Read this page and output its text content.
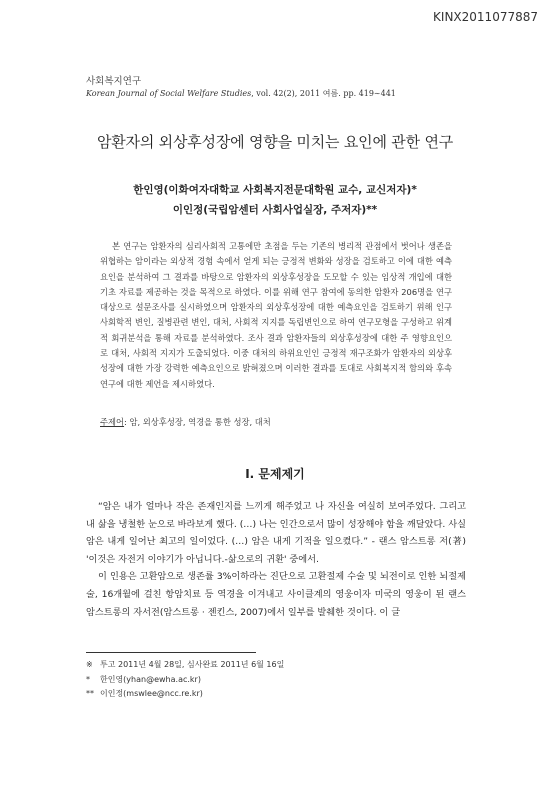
KINX2011077887
사회복지연구
Korean Journal of Social Welfare Studies, vol. 42(2), 2011 여름. pp. 419∼441
암환자의 외상후성장에 영향을 미치는 요인에 관한 연구
한인영(이화여자대학교 사회복지전문대학원 교수, 교신저자)*
이인정(국립암센터 사회사업실장, 주저자)**

본 연구는 암환자의 심리사회적 고통에만 초점을 두는 기존의 병리적 관점에서 벗어나 생존을 위협하는 암이라는 외상적 경험 속에서 얻게 되는 긍정적 변화와 성장을 검토하고 이에 대한 예측 요인을 분석하여 그 결과를 바탕으로 암환자의 외상후성장을 도모할 수 있는 임상적 개입에 대한 기초 자료를 제공하는 것을 목적으로 하였다. 이를 위해 연구 참여에 동의한 암환자 206명을 연구대상으로 설문조사를 실시하였으며 암환자의 외상후성장에 대한 예측요인을 검토하기 위해 인구사회학적 변인, 질병관련 변인, 대처, 사회적 지지를 독립변인으로 하여 연구모형을 구성하고 위계적 회귀분석을 통해 자료를 분석하였다. 조사 결과 암환자들의 외상후성장에 대한 주 영향요인으로 대처, 사회적 지지가 도출되었다. 이중 대처의 하위요인인 긍정적 재구조화가 암환자의 외상후성장에 대한 가장 강력한 예측요인으로 밝혀졌으며 이러한 결과를 토대로 사회복지적 함의와 후속연구에 대한 제언을 제시하였다.

주제어: 암, 외상후성장, 역경을 통한 성장, 대처
I. 문제제기

“암은 내가 얼마나 작은 존재인지를 느끼게 해주었고 나 자신을 여실히 보여주었다. 그리고 내 삶을 냉철한 눈으로 바라보게 했다. (…) 나는 인간으로서 많이 성장해야 함을 깨달았다. 사실 암은 내게 일어난 최고의 일이었다. (…) 암은 내게 기적을 일으켰다.” - 랜스 암스트롱 저(著) '이것은 자전거 이야기가 아닙니다.-삶으로의 귀환' 중에서.

이 인용은 고환암으로 생존률 3%이하라는 진단으로 고환절제 수술 및 뇌전이로 인한 뇌절제술, 16개월에 걸친 항암치료 등 역경을 이겨내고 사이클계의 영웅이자 미국의 영웅이 된 랜스 암스트롱의 자서전(암스트롱 · 젠킨스, 2007)에서 일부를 발췌한 것이다. 이 글

※ 투고 2011년 4월 28일, 심사완료 2011년 6월 16일
* 한인영(yhan@ewha.ac.kr)
** 이인정(mswlee@ncc.re.kr)
